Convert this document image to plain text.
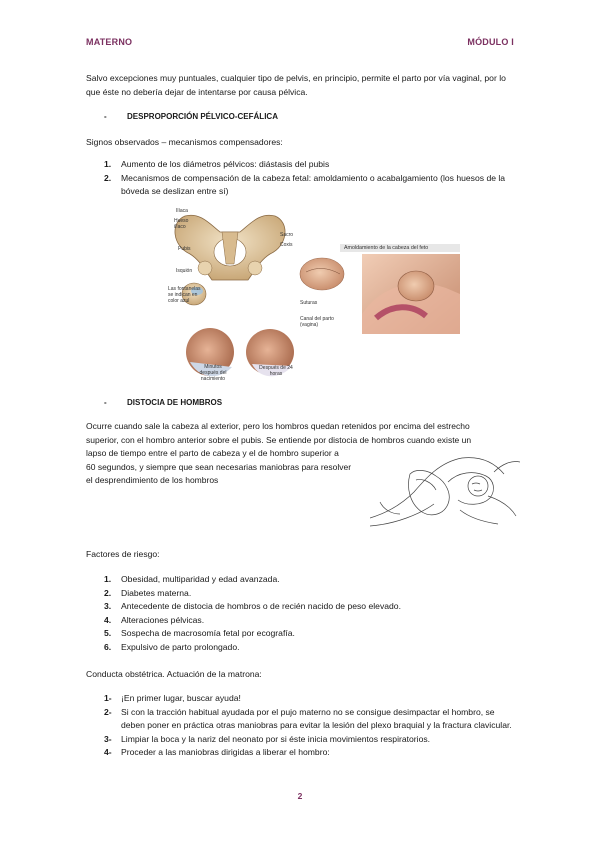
MATERNO	MÓDULO I

Salvo excepciones muy puntuales, cualquier tipo de pelvis, en principio, permite el parto por vía vaginal, por lo que éste no debería dejar de intentarse por causa pélvica.

-	DESPROPORCIÓN PÉLVICO-CEFÁLICA

Signos observados – mecanismos compensadores:

1. Aumento de los diámetros pélvicos: diástasis del pubis
2. Mecanismos de compensación de la cabeza fetal: amoldamiento o acabalgamiento (los huesos de la bóveda se deslizan entre sí)
Ilíaca
Hueso ilíaco
Sacro
Coxis
Pubis
Isquión
Las fontanelas se indican en color azul
Minutos después del nacimiento
Después de 24 horas
Amoldamiento de la cabeza del feto
Suturas
Canal del parto (vagina)
-	DISTOCIA DE HOMBROS
Ocurre cuando sale la cabeza al exterior, pero los hombros quedan retenidos por encima del estrecho
superior, con el hombro anterior sobre el pubis. Se entiende por distocia de hombros cuando existe un
lapso de tiempo entre el parto de cabeza y el de hombro superior a
60 segundos, y siempre que sean necesarias maniobras para resolver
el desprendimiento de los hombros

Factores de riesgo:

1. Obesidad, multiparidad y edad avanzada.
2. Diabetes materna.
3. Antecedente de distocia de hombros o de recién nacido de peso elevado.
4. Alteraciones pélvicas.
5. Sospecha de macrosomía fetal por ecografía.
6. Expulsivo de parto prolongado.

Conducta obstétrica. Actuación de la matrona:

1- ¡En primer lugar, buscar ayuda!
2- Si con la tracción habitual ayudada por el pujo materno no se consigue desimpactar el hombro, se deben poner en práctica otras maniobras para evitar la lesión del plexo braquial y la fractura clavicular.
3- Limpiar la boca y la nariz del neonato por si éste inicia movimientos respiratorios.
4- Proceder a las maniobras dirigidas a liberar el hombro:
2
